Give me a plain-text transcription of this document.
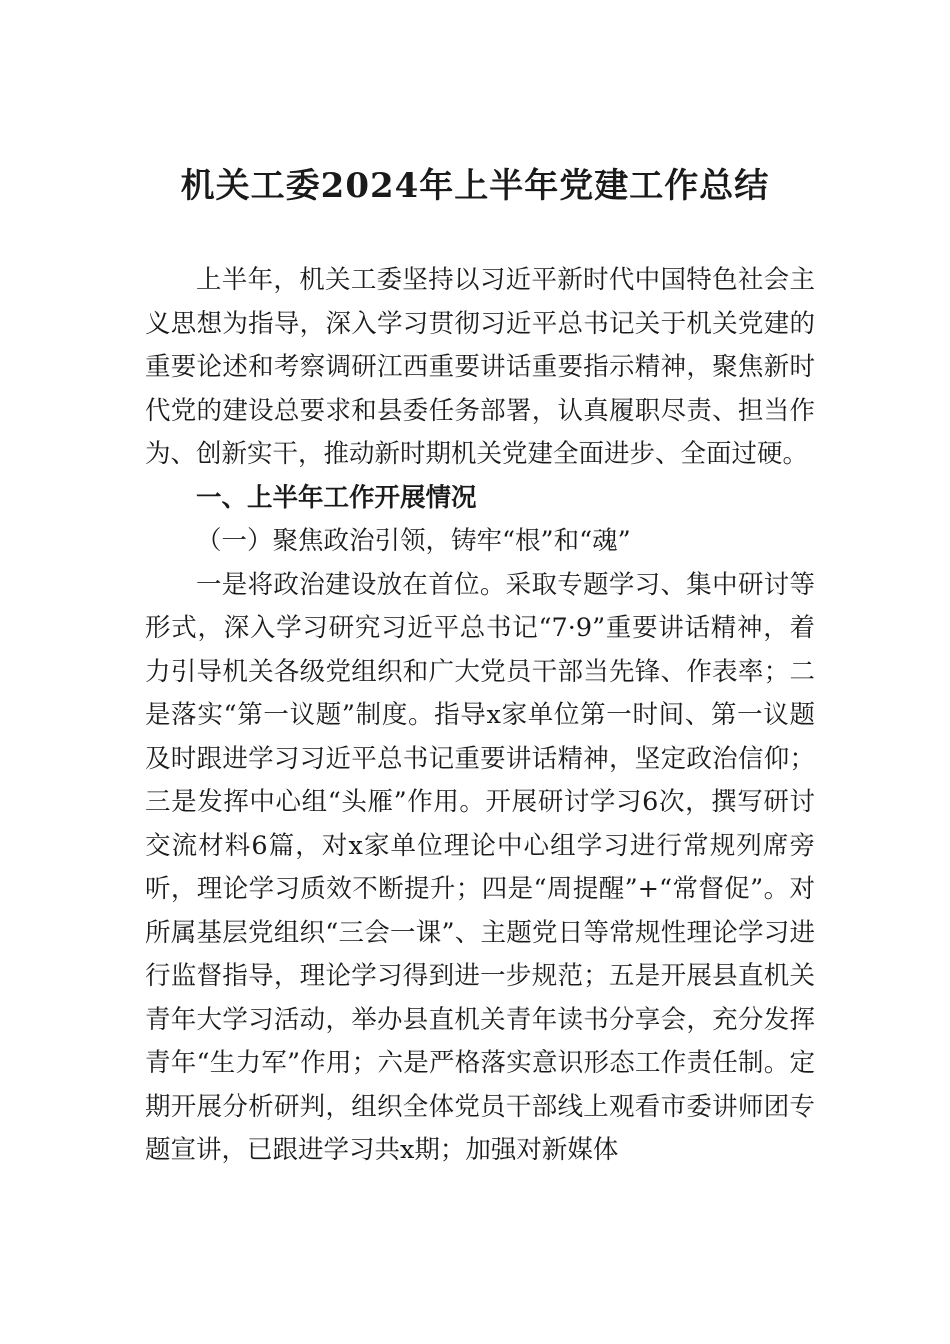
机关工委2024年上半年党建工作总结

上半年，机关工委坚持以习近平新时代中国特色社会主义思想为指导，深入学习贯彻习近平总书记关于机关党建的重要论述和考察调研江西重要讲话重要指示精神，聚焦新时代党的建设总要求和县委任务部署，认真履职尽责、担当作为、创新实干，推动新时期机关党建全面进步、全面过硬。

一、上半年工作开展情况

（一）聚焦政治引领，铸牢“根”和“魂”

一是将政治建设放在首位。采取专题学习、集中研讨等形式，深入学习研究习近平总书记“7·9”重要讲话精神，着力引导机关各级党组织和广大党员干部当先锋、作表率；二是落实“第一议题”制度。指导x家单位第一时间、第一议题及时跟进学习习近平总书记重要讲话精神，坚定政治信仰；三是发挥中心组“头雁”作用。开展研讨学习6次，撰写研讨交流材料6篇，对x家单位理论中心组学习进行常规列席旁听，理论学习质效不断提升；四是“周提醒”+“常督促”。对所属基层党组织“三会一课”、主题党日等常规性理论学习进行监督指导，理论学习得到进一步规范；五是开展县直机关青年大学习活动，举办县直机关青年读书分享会，充分发挥青年“生力军”作用；六是严格落实意识形态工作责任制。定期开展分析研判，组织全体党员干部线上观看市委讲师团专题宣讲，已跟进学习共x期；加强对新媒体
